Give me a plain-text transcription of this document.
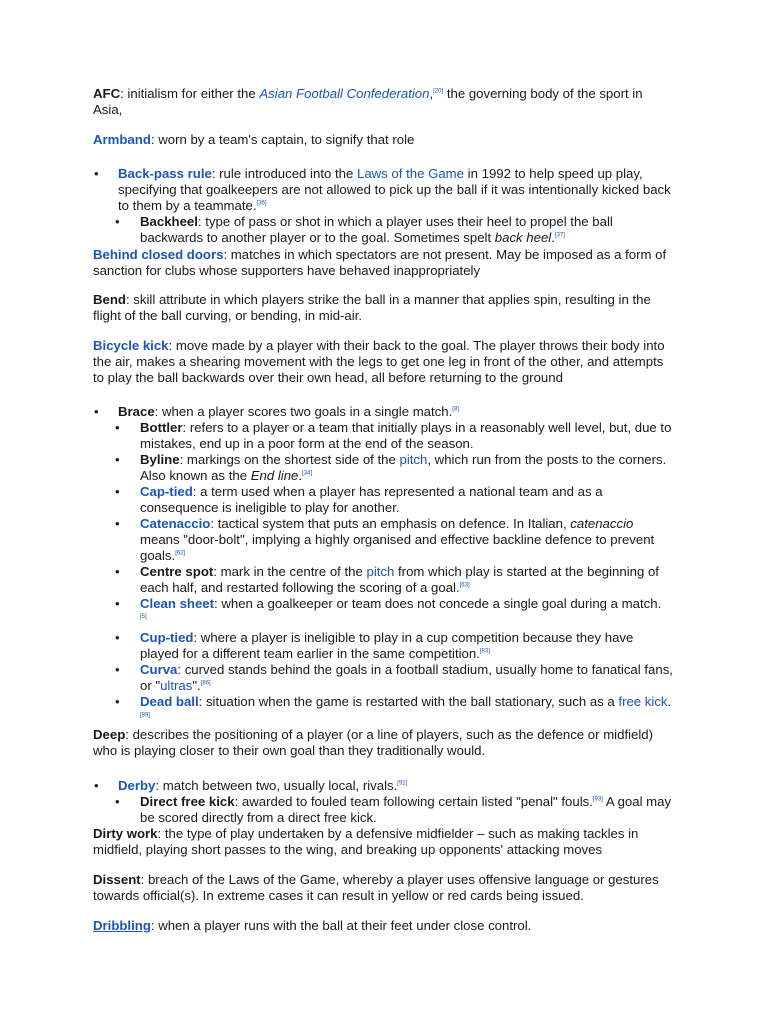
AFC: initialism for either the Asian Football Confederation,[20] the governing body of the sport in Asia,

Armband: worn by a team's captain, to signify that role

• Back-pass rule: rule introduced into the Laws of the Game in 1992 to help speed up play, specifying that goalkeepers are not allowed to pick up the ball if it was intentionally kicked back to them by a teammate.[36]
• Backheel: type of pass or shot in which a player uses their heel to propel the ball backwards to another player or to the goal. Sometimes spelt back heel.[37]

Behind closed doors: matches in which spectators are not present. May be imposed as a form of sanction for clubs whose supporters have behaved inappropriately

Bend: skill attribute in which players strike the ball in a manner that applies spin, resulting in the flight of the ball curving, or bending, in mid-air.

Bicycle kick: move made by a player with their back to the goal. The player throws their body into the air, makes a shearing movement with the legs to get one leg in front of the other, and attempts to play the ball backwards over their own head, all before returning to the ground

• Brace: when a player scores two goals in a single match.[8]
• Bottler: refers to a player or a team that initially plays in a reasonably well level, but, due to mistakes, end up in a poor form at the end of the season.
• Byline: markings on the shortest side of the pitch, which run from the posts to the corners. Also known as the End line.[34]
• Cap-tied: a term used when a player has represented a national team and as a consequence is ineligible to play for another.
• Catenaccio: tactical system that puts an emphasis on defence. In Italian, catenaccio means "door-bolt", implying a highly organised and effective backline defence to prevent goals.[62]
• Centre spot: mark in the centre of the pitch from which play is started at the beginning of each half, and restarted following the scoring of a goal.[63]
• Clean sheet: when a goalkeeper or team does not concede a single goal during a match.
[5]
• Cup-tied: where a player is ineligible to play in a cup competition because they have played for a different team earlier in the same competition.[83]
• Curva: curved stands behind the goals in a football stadium, usually home to fanatical fans, or "ultras".[86]
• Dead ball: situation when the game is restarted with the ball stationary, such as a free kick.[89]

Deep: describes the positioning of a player (or a line of players, such as the defence or midfield) who is playing closer to their own goal than they traditionally would.

• Derby: match between two, usually local, rivals.[91]
• Direct free kick: awarded to fouled team following certain listed "penal" fouls.[93] A goal may be scored directly from a direct free kick.

Dirty work: the type of play undertaken by a defensive midfielder – such as making tackles in midfield, playing short passes to the wing, and breaking up opponents' attacking moves

Dissent: breach of the Laws of the Game, whereby a player uses offensive language or gestures towards official(s). In extreme cases it can result in yellow or red cards being issued.

Dribbling: when a player runs with the ball at their feet under close control.
